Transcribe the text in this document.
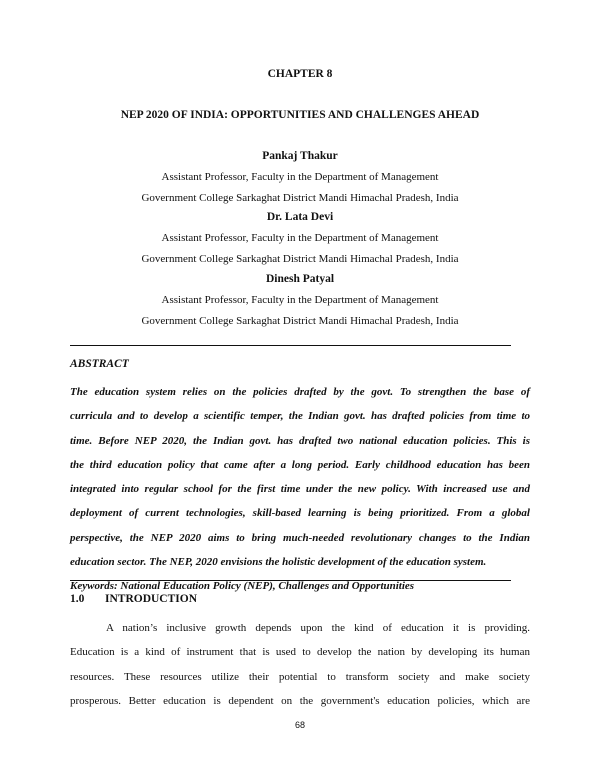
CHAPTER 8
NEP 2020 OF INDIA: OPPORTUNITIES AND CHALLENGES AHEAD
Pankaj Thakur
Assistant Professor, Faculty in the Department of Management
Government College Sarkaghat District Mandi Himachal Pradesh, India
Dr. Lata Devi
Assistant Professor, Faculty in the Department of Management
Government College Sarkaghat District Mandi Himachal Pradesh, India
Dinesh Patyal
Assistant Professor, Faculty in the Department of Management
Government College Sarkaghat District Mandi Himachal Pradesh, India
ABSTRACT
The education system relies on the policies drafted by the govt. To strengthen the base of
curricula and to develop a scientific temper, the Indian govt. has drafted policies from time to
time. Before NEP 2020, the Indian govt. has drafted two national education policies. This is
the third education policy that came after a long period. Early childhood education has been
integrated into regular school for the first time under the new policy. With increased use and
deployment of current technologies, skill-based learning is being prioritized. From a global
perspective, the NEP 2020 aims to bring much-needed revolutionary changes to the Indian
education sector. The NEP, 2020 envisions the holistic development of the education system.
Keywords: National Education Policy (NEP), Challenges and Opportunities
1.0 INTRODUCTION
A nation’s inclusive growth depends upon the kind of education it is providing.
Education is a kind of instrument that is used to develop the nation by developing its human
resources. These resources utilize their potential to transform society and make society
prosperous. Better education is dependent on the government's education policies, which are
68
